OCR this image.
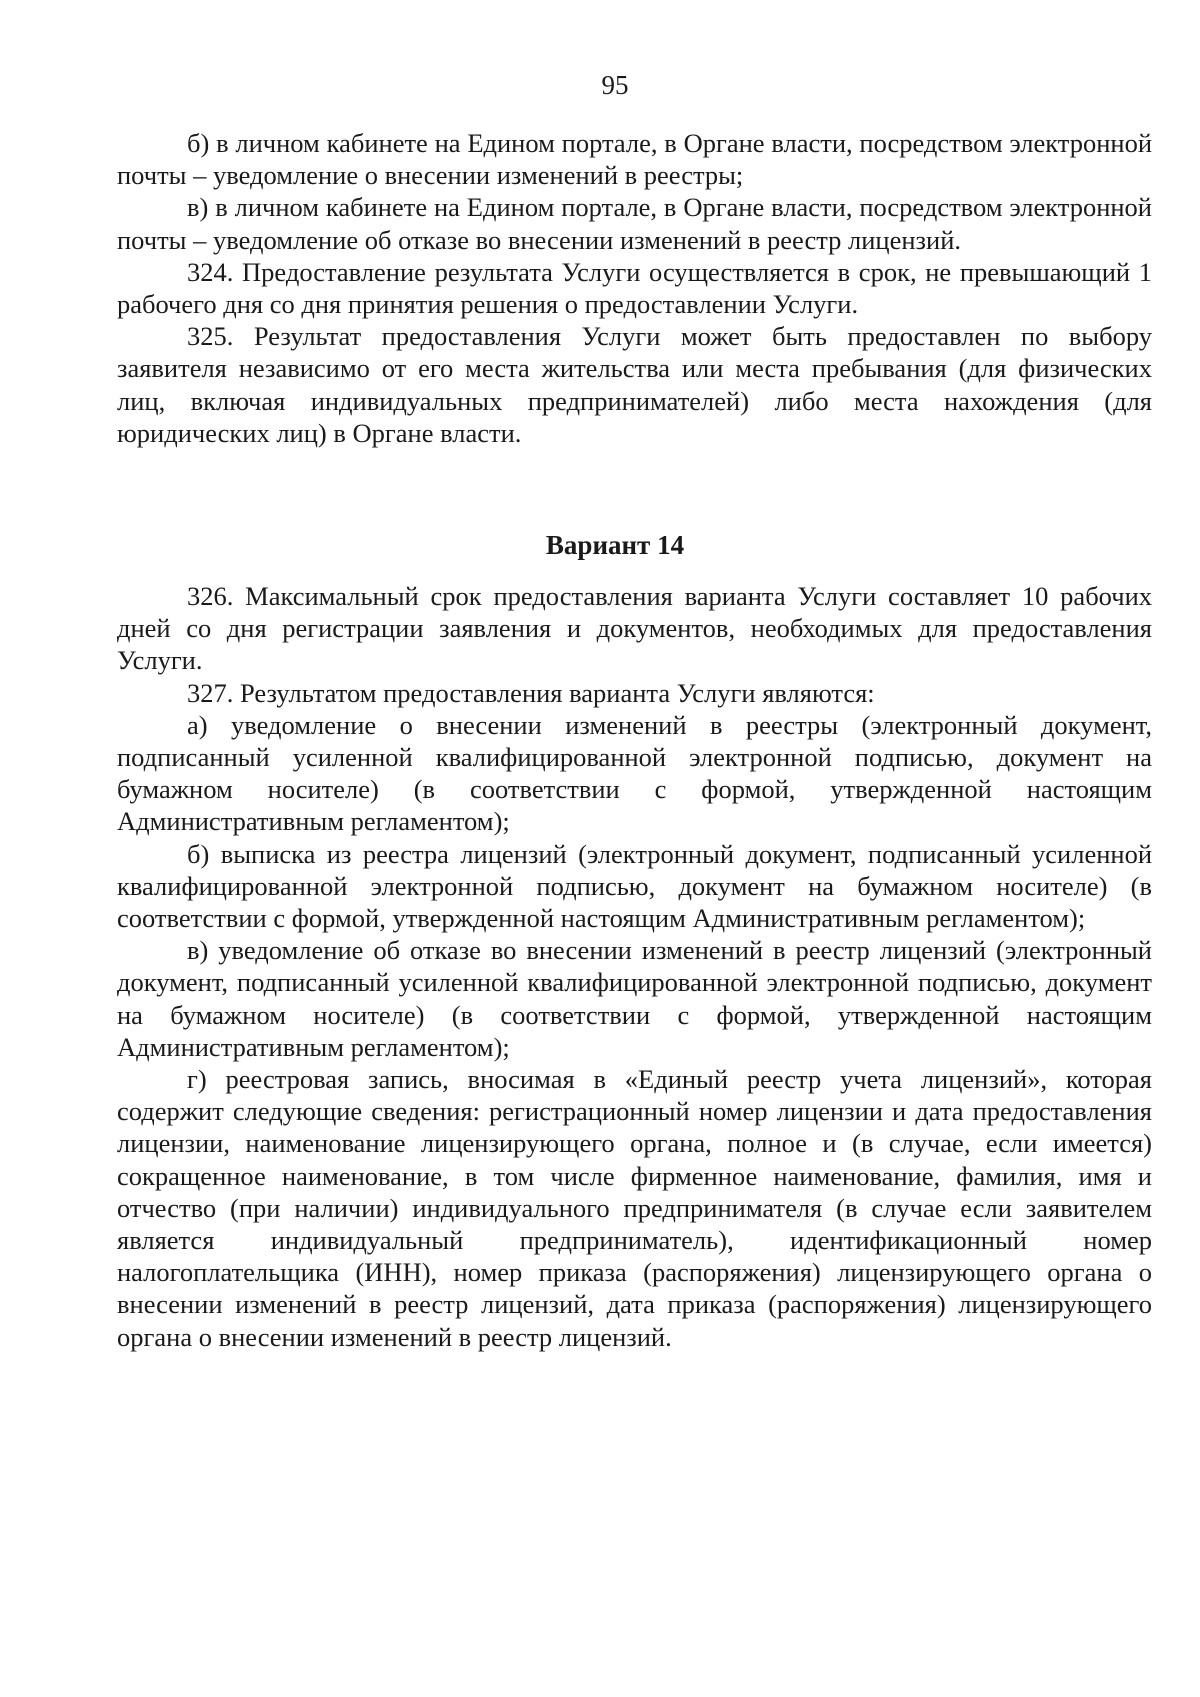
95

б) в личном кабинете на Едином портале, в Органе власти, посредством электронной почты – уведомление о внесении изменений в реестры;

в) в личном кабинете на Едином портале, в Органе власти, посредством электронной почты – уведомление об отказе во внесении изменений в реестр лицензий.

324. Предоставление результата Услуги осуществляется в срок, не превышающий 1 рабочего дня со дня принятия решения о предоставлении Услуги.

325. Результат предоставления Услуги может быть предоставлен по выбору заявителя независимо от его места жительства или места пребывания (для физических лиц, включая индивидуальных предпринимателей) либо места нахождения (для юридических лиц) в Органе власти.

Вариант 14

326. Максимальный срок предоставления варианта Услуги составляет 10 рабочих дней со дня регистрации заявления и документов, необходимых для предоставления Услуги.

327. Результатом предоставления варианта Услуги являются:

а) уведомление о внесении изменений в реестры (электронный документ, подписанный усиленной квалифицированной электронной подписью, документ на бумажном носителе) (в соответствии с формой, утвержденной настоящим Административным регламентом);

б) выписка из реестра лицензий (электронный документ, подписанный усиленной квалифицированной электронной подписью, документ на бумажном носителе) (в соответствии с формой, утвержденной настоящим Административным регламентом);

в) уведомление об отказе во внесении изменений в реестр лицензий (электронный документ, подписанный усиленной квалифицированной электронной подписью, документ на бумажном носителе) (в соответствии с формой, утвержденной настоящим Административным регламентом);

г) реестровая запись, вносимая в «Единый реестр учета лицензий», которая содержит следующие сведения: регистрационный номер лицензии и дата предоставления лицензии, наименование лицензирующего органа, полное и (в случае, если имеется) сокращенное наименование, в том числе фирменное наименование, фамилия, имя и отчество (при наличии) индивидуального предпринимателя (в случае если заявителем является индивидуальный предприниматель), идентификационный номер налогоплательщика (ИНН), номер приказа (распоряжения) лицензирующего органа о внесении изменений в реестр лицензий, дата приказа (распоряжения) лицензирующего органа о внесении изменений в реестр лицензий.
